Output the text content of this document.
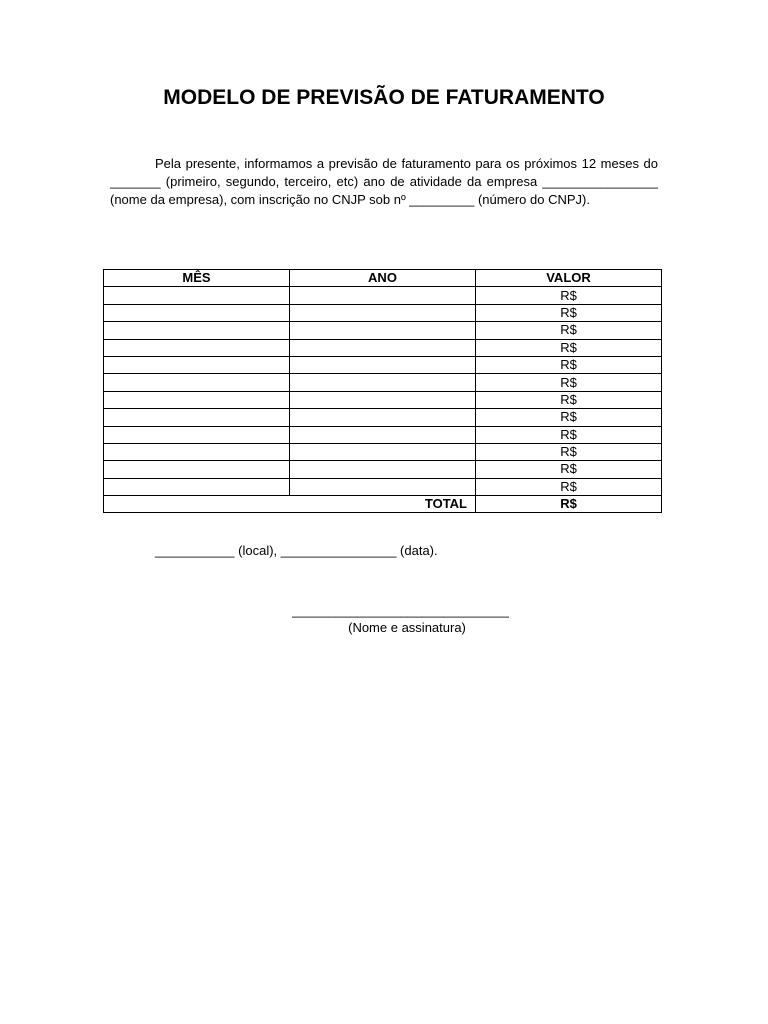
MODELO DE PREVISÃO DE FATURAMENTO

Pela presente, informamos a previsão de faturamento para os próximos 12 meses do _______ (primeiro, segundo, terceiro, etc) ano de atividade da empresa ________________ (nome da empresa), com inscrição no CNJP sob nº _________ (número do CNPJ).

MÊS	ANO	VALOR
		R$
		R$
		R$
		R$
		R$
		R$
		R$
		R$
		R$
		R$
		R$
		R$
TOTAL		R$

___________ (local), ________________ (data).

______________________________

(Nome e assinatura)
